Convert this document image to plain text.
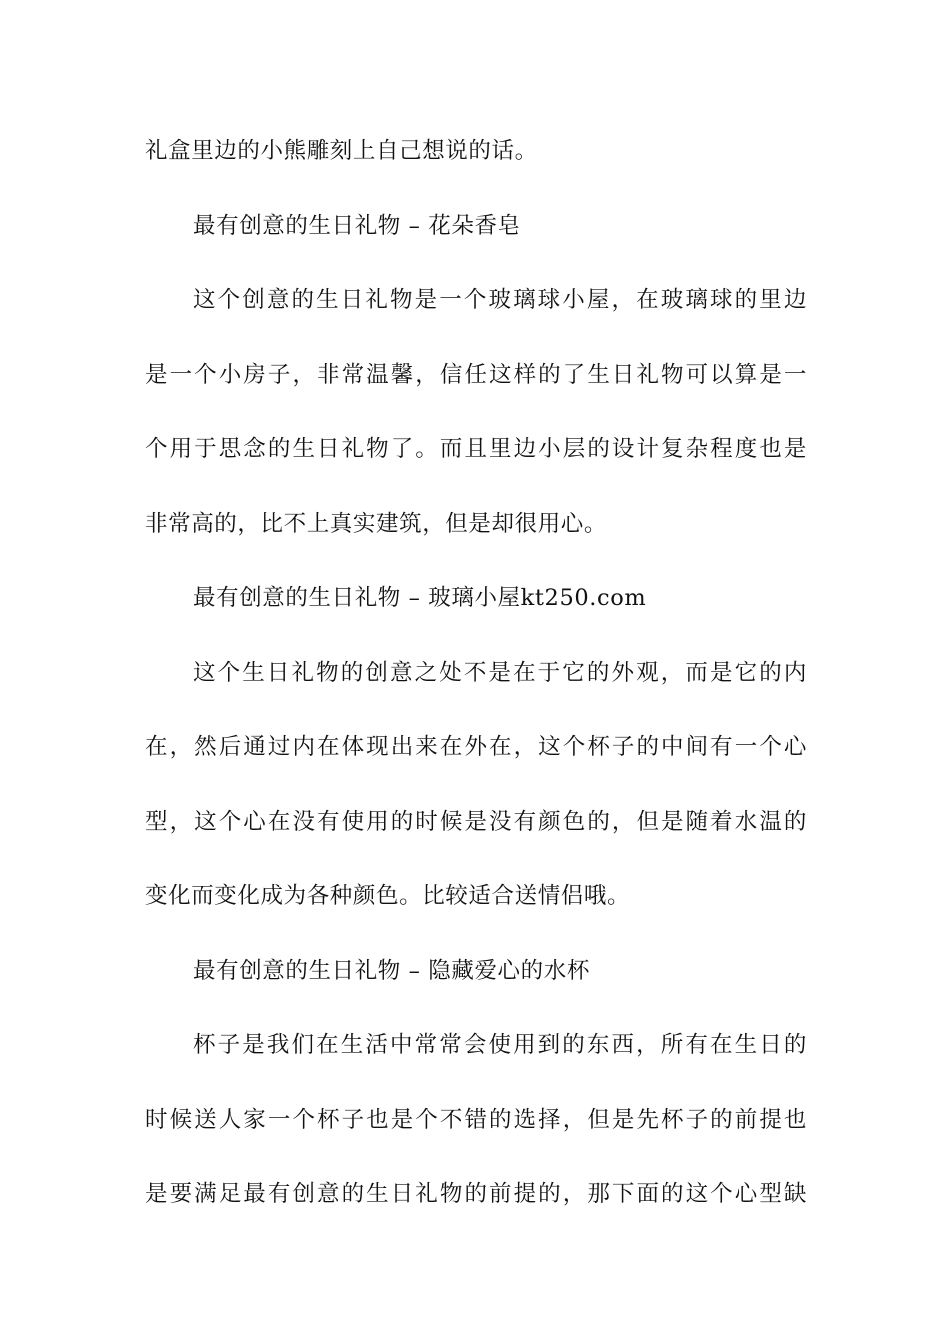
礼盒里边的小熊雕刻上自己想说的话。
最有创意的生日礼物 – 花朵香皂
这个创意的生日礼物是一个玻璃球小屋，在玻璃球的里边
是一个小房子，非常温馨，信任这样的了生日礼物可以算是一
个用于思念的生日礼物了。而且里边小层的设计复杂程度也是
非常高的，比不上真实建筑，但是却很用心。
最有创意的生日礼物 – 玻璃小屋kt250.com
这个生日礼物的创意之处不是在于它的外观，而是它的内
在，然后通过内在体现出来在外在，这个杯子的中间有一个心
型，这个心在没有使用的时候是没有颜色的，但是随着水温的
变化而变化成为各种颜色。比较适合送情侣哦。
最有创意的生日礼物 – 隐藏爱心的水杯
杯子是我们在生活中常常会使用到的东西，所有在生日的
时候送人家一个杯子也是个不错的选择，但是先杯子的前提也
是要满足最有创意的生日礼物的前提的，那下面的这个心型缺
